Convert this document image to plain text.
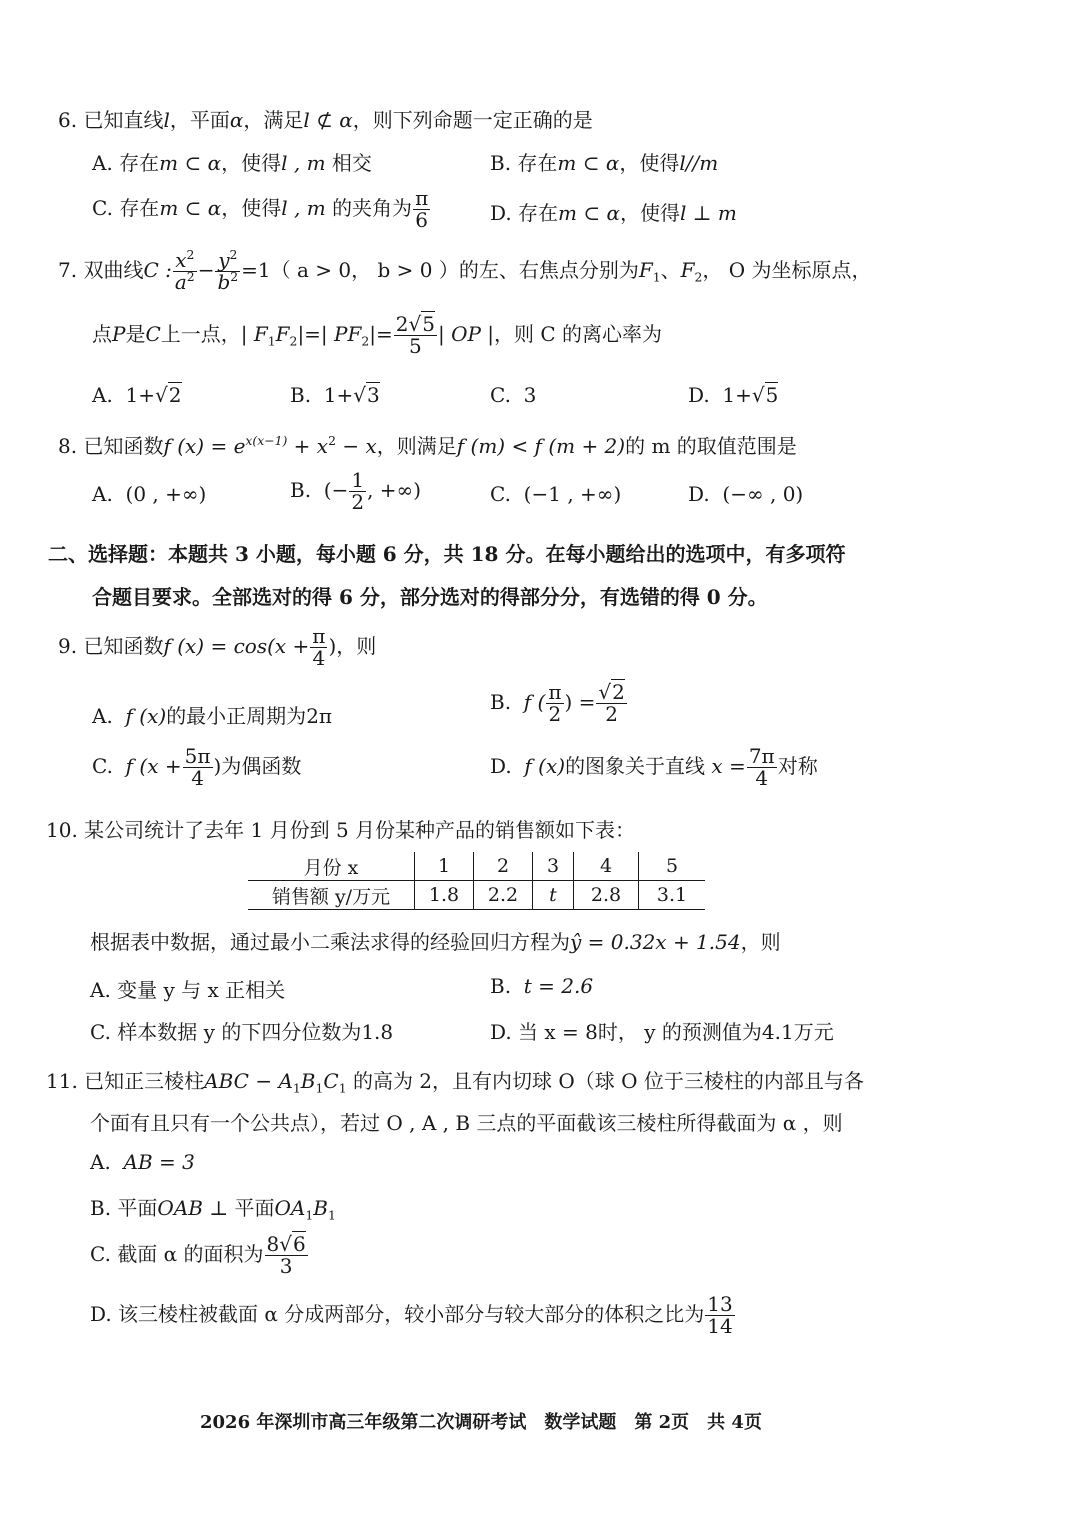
6. 已知直线l，平面α，满足l ⊄ α，则下列命题一定正确的是
A. 存在m ⊂ α，使得l , m 相交	B. 存在m ⊂ α，使得l//m
C. 存在m ⊂ α，使得l , m 的夹角为 $\frac{\pi}{6}$	D. 存在m ⊂ α，使得l ⊥ m
7. 双曲线C : $\frac{x^2}{a^2} - \frac{y^2}{b^2} =1$（ a > 0， b > 0 ）的左、右焦点分别为$F_1$、$F_2$， O 为坐标原点，
点P是C上一点，| $F_1F_2|=|$ $PF_2|= \frac{2√5}{5}$ | OP |，则 C 的离心率为
A. 1+√2	B. 1+√3	C. 3	D. 1+√5
8. 已知函数f $(x) = e^{x(x-1)} + x^2 - x$，则满足f (m) < f (m + 2)的 m 的取值范围是
A. (0 , +∞)	B. (− $\frac{1}{2}$ , +∞)	C. (−1 , +∞)	D. (−∞ , 0)
二、选择题：本题共 3 小题，每小题 6 分，共 18 分。在每小题给出的选项中，有多项符
合题目要求。全部选对的得 6 分，部分选对的得部分分，有选错的得 0 分。
9. 已知函数f $(x) = \cos(x + \frac{\pi}{4}$ )，则
A. f (x)的最小正周期为2π
B. f ( $\frac{\pi}{2}$ ) = $\frac{√2}{2}$
C. f ($x + \frac{5\pi}{4}$ )为偶函数	D. f (x)的图象关于直线 $x = \frac{7\pi}{4}$ 对称
10. 某公司统计了去年 1 月份到 5 月份某种产品的销售额如下表：
月份 x	1	2	3	4	5
销售额 y/万元	1.8	2.2	t	2.8	3.1
根据表中数据，通过最小二乘法求得的经验回归方程为ŷ = 0.32x + 1.54，则
A. 变量 y 与 x 正相关	B. t = 2.6
C. 样本数据 y 的下四分位数为1.8	D. 当 x = 8时， y 的预测值为4.1万元
11. 已知正三棱柱ABC − $A_1B_1C_1$ 的高为 2，且有内切球 O（球 O 位于三棱柱的内部且与各
个面有且只有一个公共点），若过 O , A , B 三点的平面截该三棱柱所得截面为 α ，则
A. AB = 3
B. 平面OAB ⊥ 平面$OA_1B_1$
C. 截面 α 的面积为 $\frac{8√6}{3}$
D. 该三棱柱被截面 α 分成两部分，较小部分与较大部分的体积之比为 $\frac{13}{14}$
2026 年深圳市高三年级第二次调研考试　数学试题　第 2页　共 4页
